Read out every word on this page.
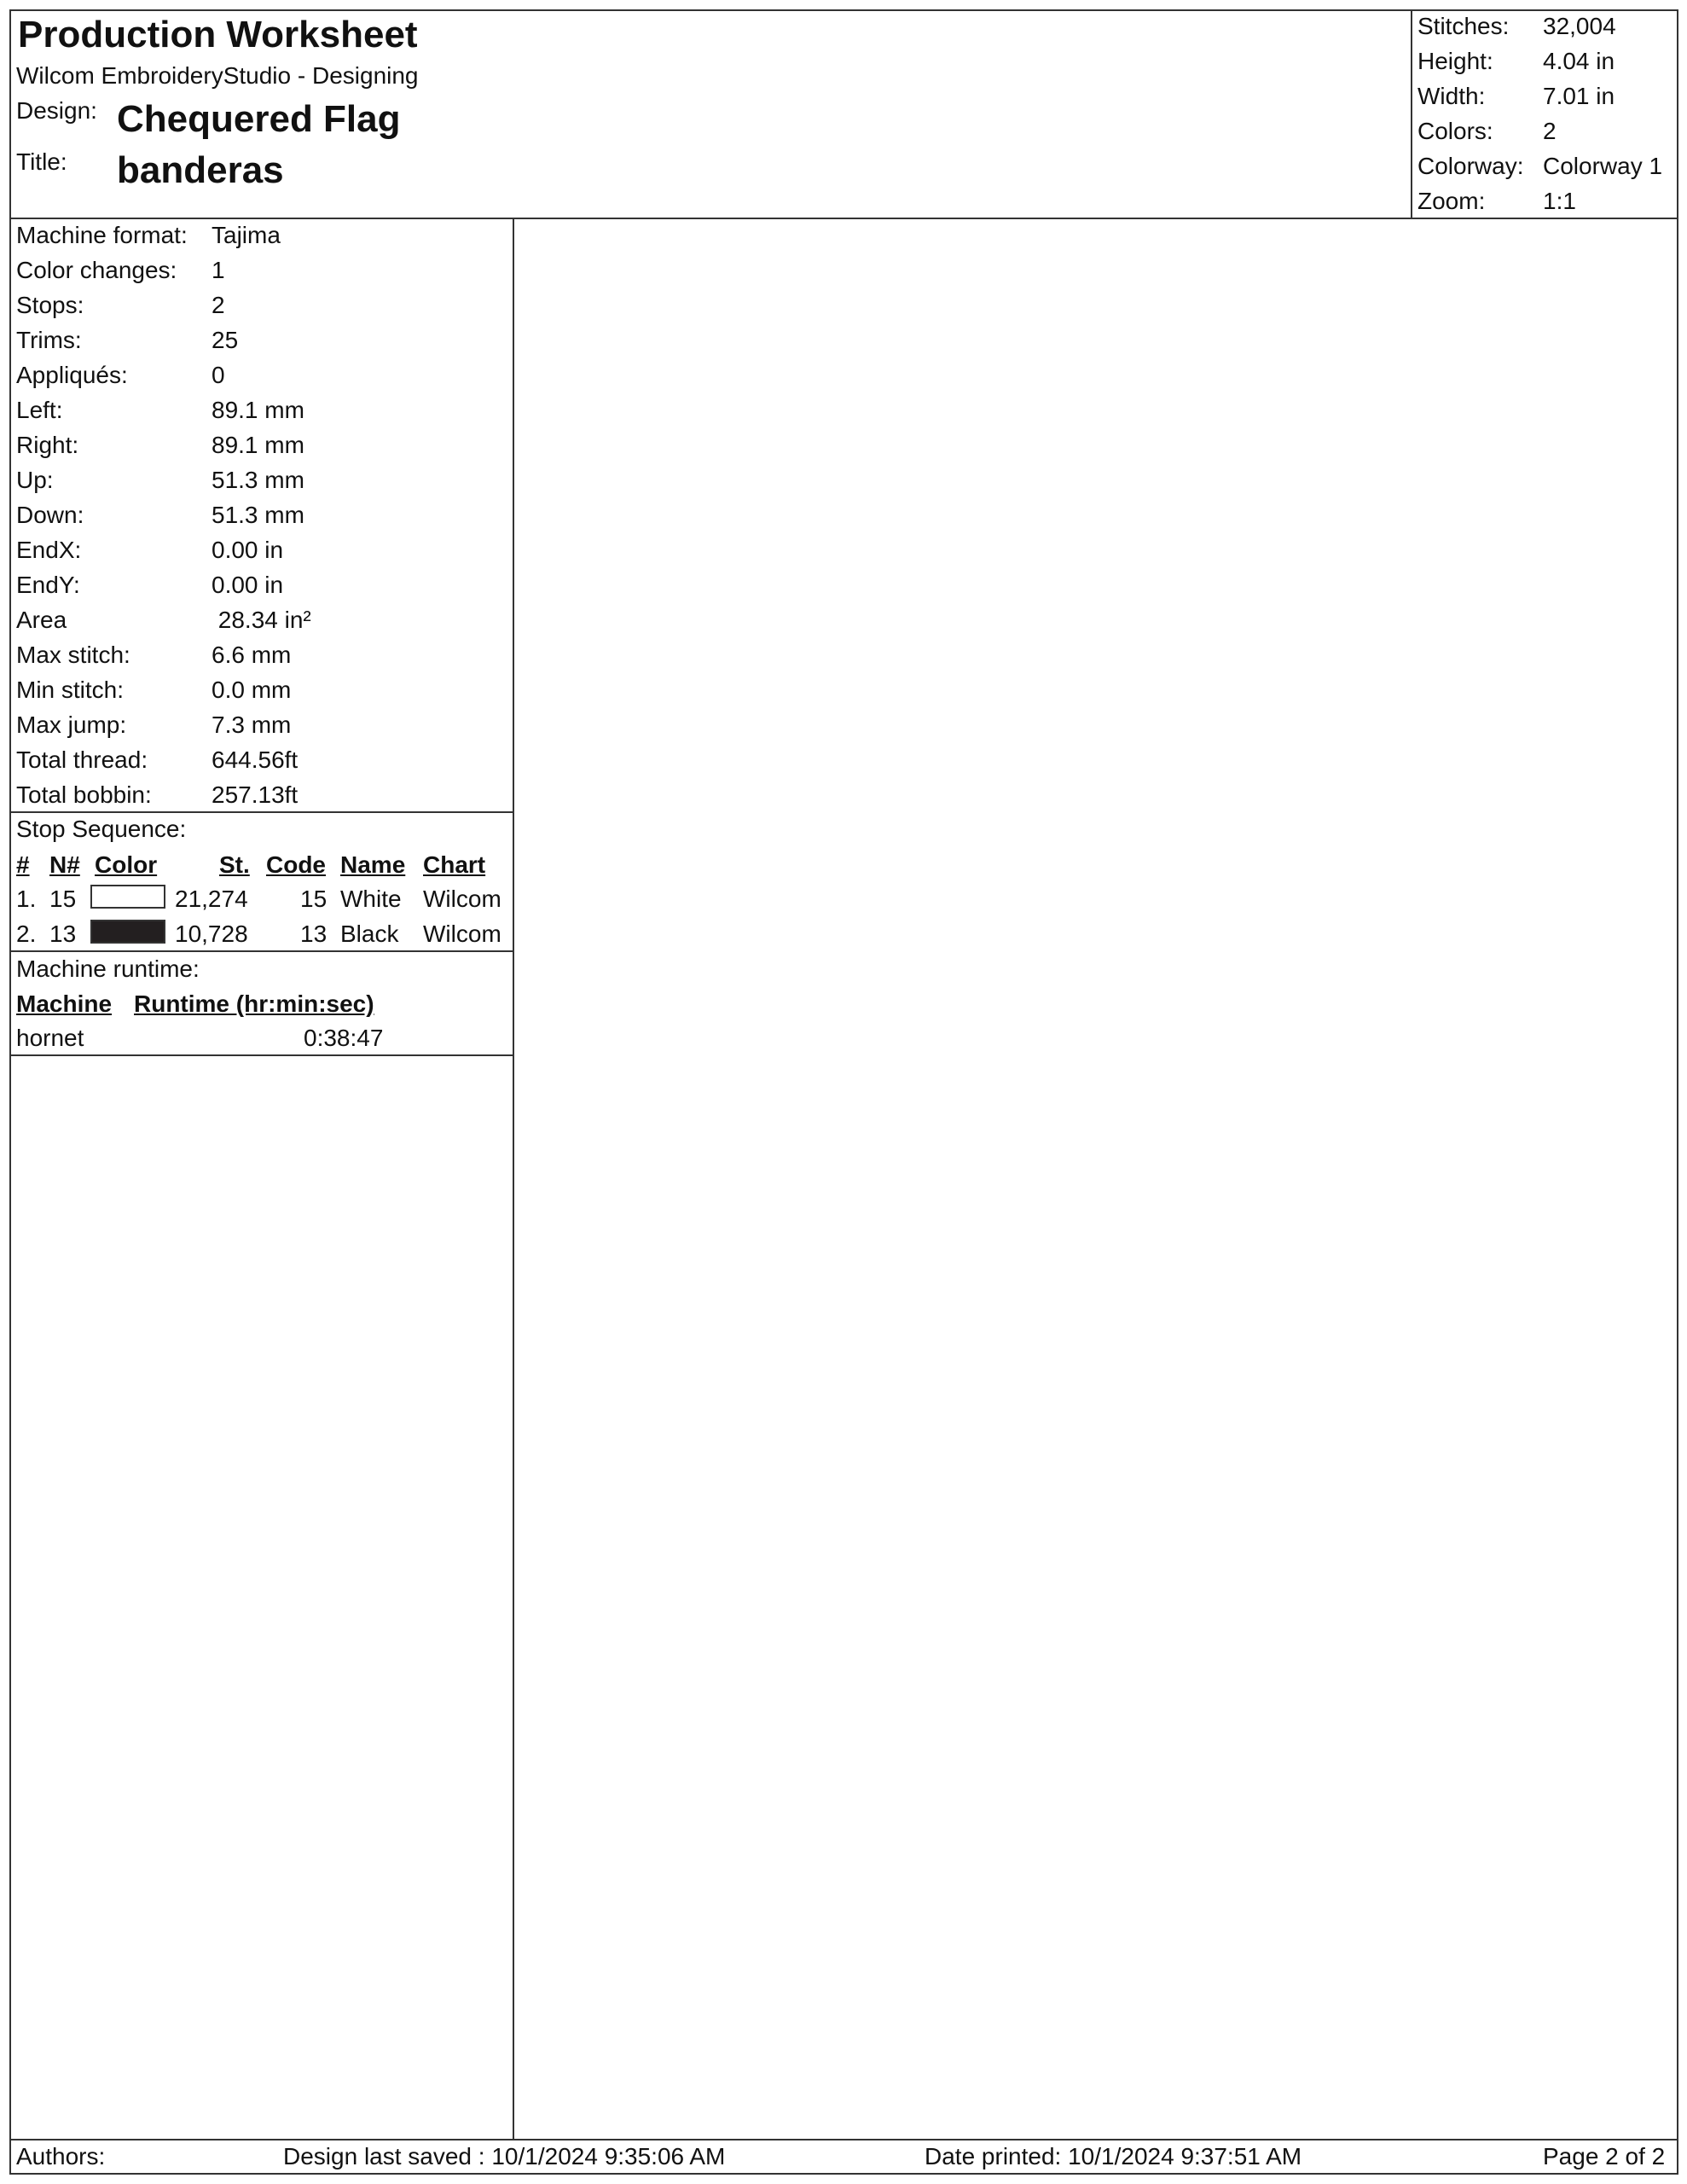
Production Worksheet
Wilcom EmbroideryStudio - Designing
Design: Chequered Flag
Title: banderas
Stitches: 32,004
Height: 4.04 in
Width: 7.01 in
Colors: 2
Colorway: Colorway 1
Zoom: 1:1
Machine format: Tajima
Color changes: 1
Stops:	2
Trims:	25
Appliqués:	0
Left:	89.1 mm
Right:	89.1 mm
Up:	51.3 mm
Down:	51.3 mm
EndX:	0.00 in
EndY:	0.00 in
Area	28.34 in²
Max stitch:	6.6 mm
Min stitch:	0.0 mm
Max jump:	7.3 mm
Total thread:	644.56ft
Total bobbin:	257.13ft
Stop Sequence:
# N# Color	St. Code Name Chart
1. 15	21,274 15 White Wilcom
2. 13	10,728 13 Black Wilcom
Machine runtime:
Machine Runtime (hr:min:sec)
hornet	0:38:47
Authors:	Design last saved : 10/1/2024 9:35:06 AM	Date printed: 10/1/2024 9:37:51 AM	Page 2 of 2
